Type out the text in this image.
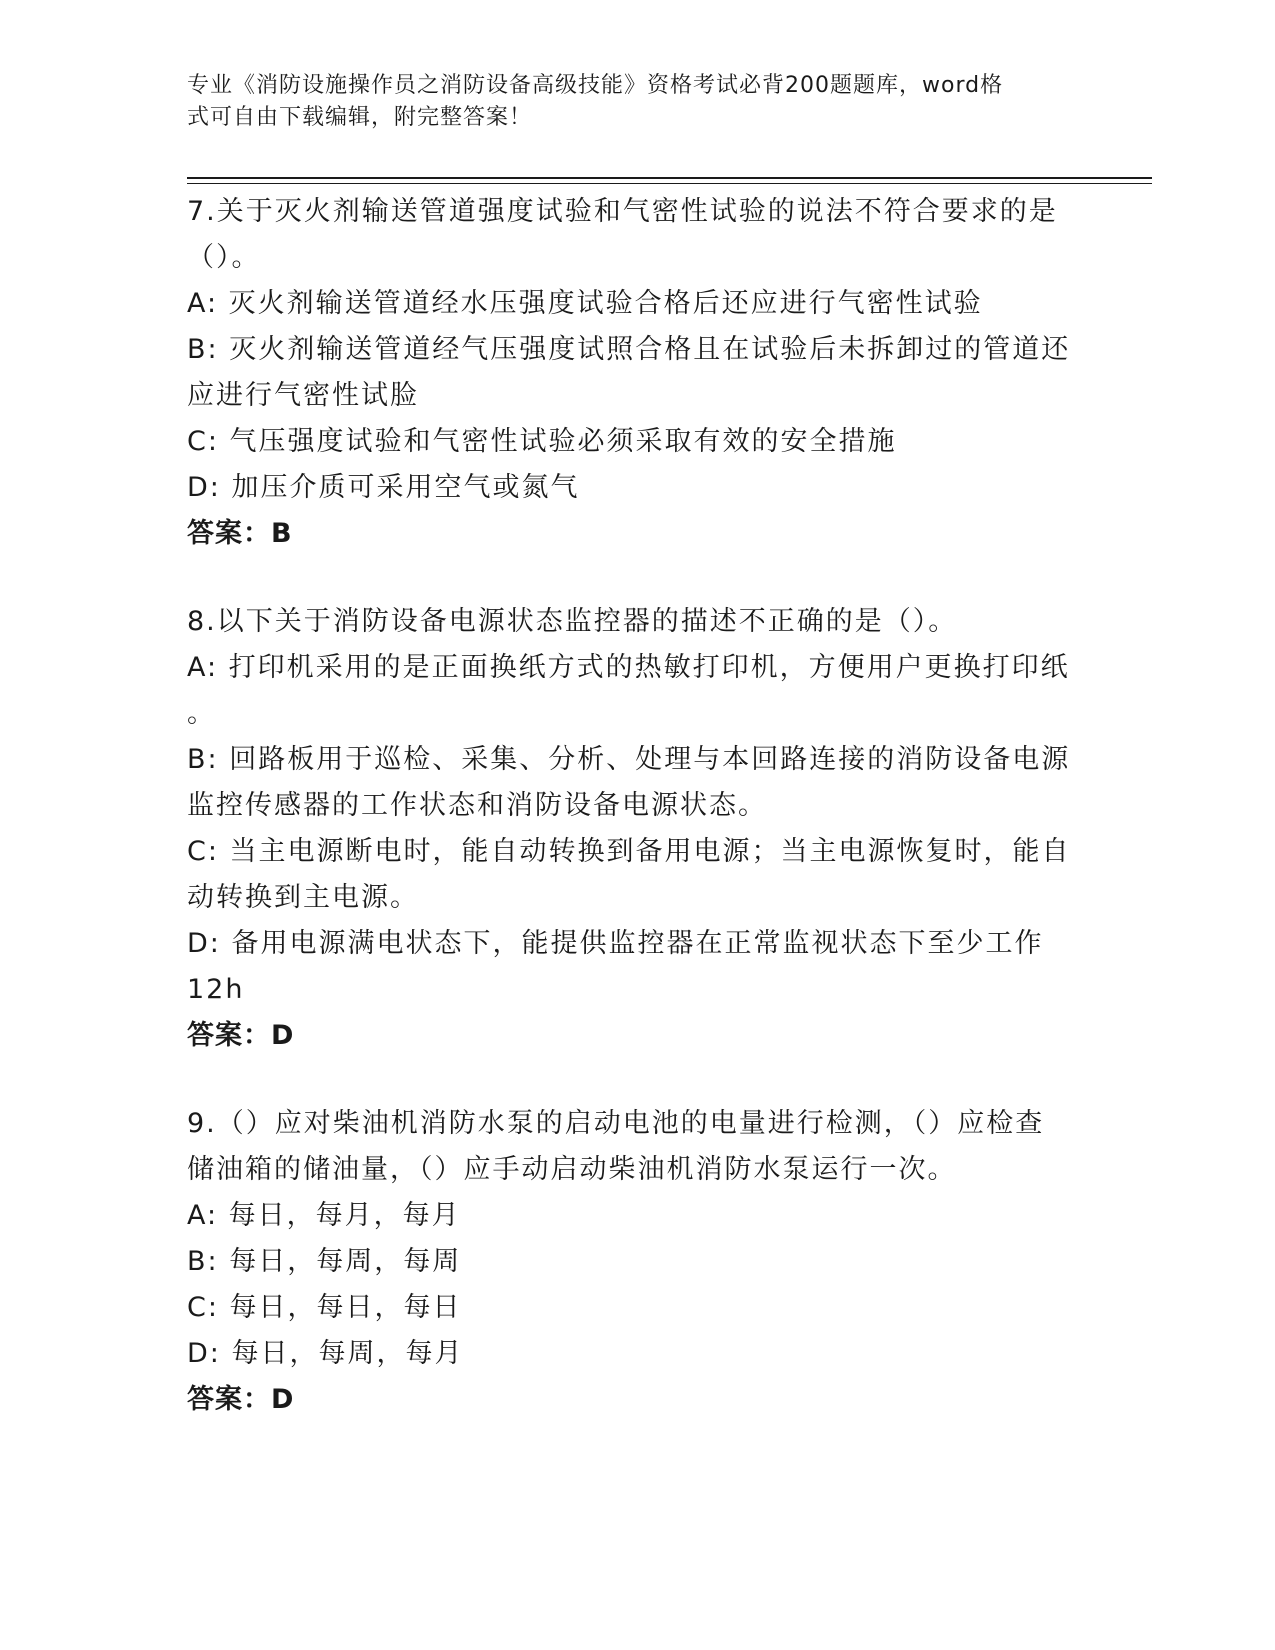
专业《消防设施操作员之消防设备高级技能》资格考试必背200题题库，word格
式可自由下载编辑，附完整答案！
7.关于灭火剂输送管道强度试验和气密性试验的说法不符合要求的是
（）。
A: 灭火剂输送管道经水压强度试验合格后还应进行气密性试验
B: 灭火剂输送管道经气压强度试照合格且在试验后未拆卸过的管道还
应进行气密性试脸
C: 气压强度试验和气密性试验必须采取有效的安全措施
D: 加压介质可采用空气或氮气
答案：B
8.以下关于消防设备电源状态监控器的描述不正确的是（）。
A: 打印机采用的是正面换纸方式的热敏打印机，方便用户更换打印纸
。
B: 回路板用于巡检、采集、分析、处理与本回路连接的消防设备电源
监控传感器的工作状态和消防设备电源状态。
C: 当主电源断电时，能自动转换到备用电源；当主电源恢复时，能自
动转换到主电源。
D: 备用电源满电状态下，能提供监控器在正常监视状态下至少工作
12h
答案：D
9.（）应对柴油机消防水泵的启动电池的电量进行检测，（）应检查
储油箱的储油量，（）应手动启动柴油机消防水泵运行一次。
A: 每日，每月，每月
B: 每日，每周，每周
C: 每日，每日，每日
D: 每日，每周，每月
答案：D
